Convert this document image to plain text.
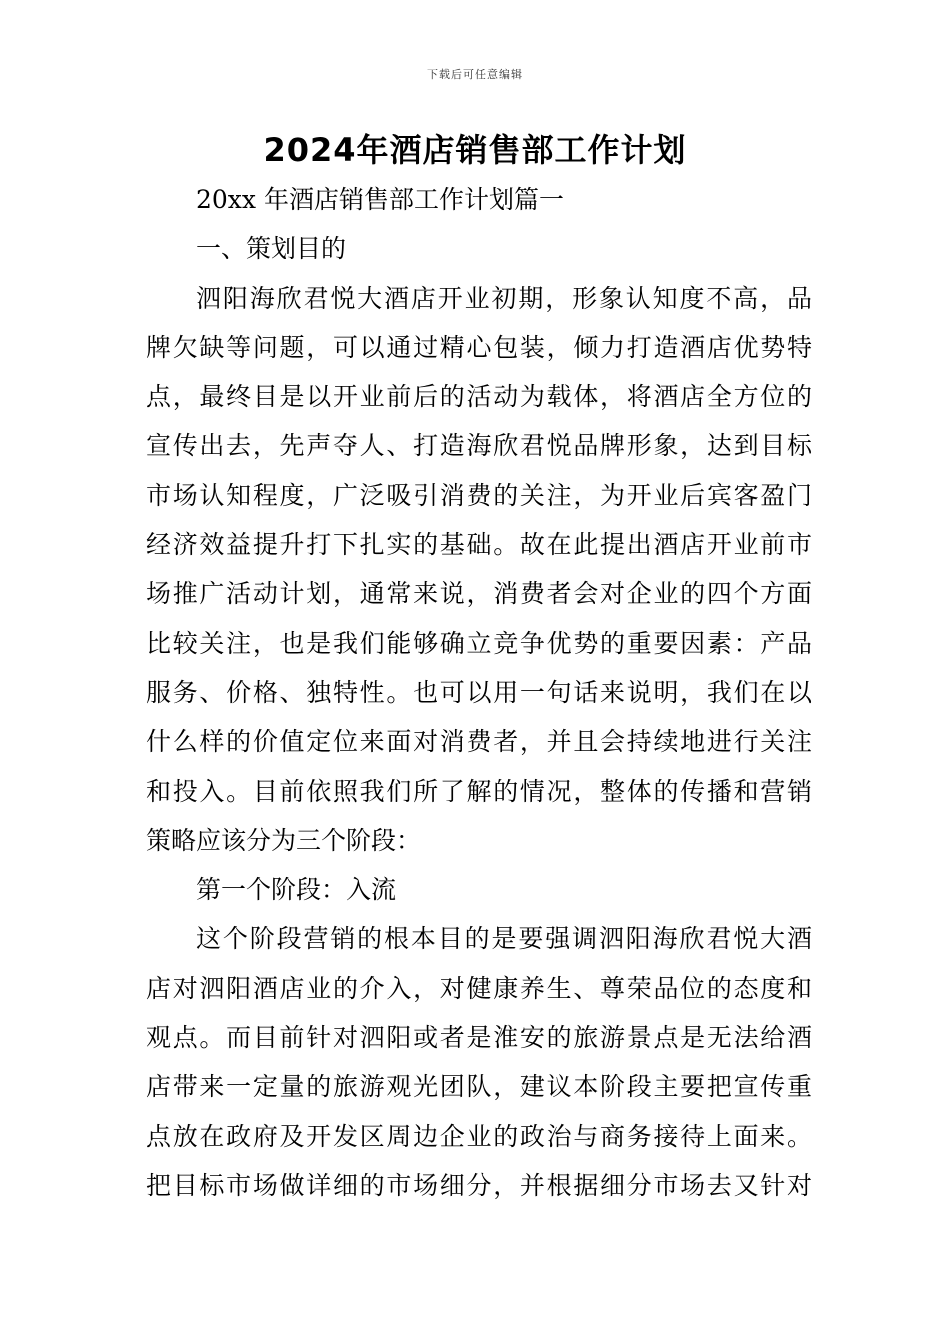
下载后可任意编辑
2024年酒店销售部工作计划
20xx 年酒店销售部工作计划篇一
一、策划目的
泗阳海欣君悦大酒店开业初期，形象认知度不高，品
牌欠缺等问题，可以通过精心包装，倾力打造酒店优势特
点，最终目是以开业前后的活动为载体，将酒店全方位的
宣传出去，先声夺人、打造海欣君悦品牌形象，达到目标
市场认知程度，广泛吸引消费的关注，为开业后宾客盈门
经济效益提升打下扎实的基础。故在此提出酒店开业前市
场推广活动计划，通常来说，消费者会对企业的四个方面
比较关注，也是我们能够确立竞争优势的重要因素：产品
服务、价格、独特性。也可以用一句话来说明，我们在以
什么样的价值定位来面对消费者，并且会持续地进行关注
和投入。目前依照我们所了解的情况，整体的传播和营销
策略应该分为三个阶段：
第一个阶段：入流
这个阶段营销的根本目的是要强调泗阳海欣君悦大酒
店对泗阳酒店业的介入，对健康养生、尊荣品位的态度和
观点。而目前针对泗阳或者是淮安的旅游景点是无法给酒
店带来一定量的旅游观光团队，建议本阶段主要把宣传重
点放在政府及开发区周边企业的政治与商务接待上面来。
把目标市场做详细的市场细分，并根据细分市场去又针对
